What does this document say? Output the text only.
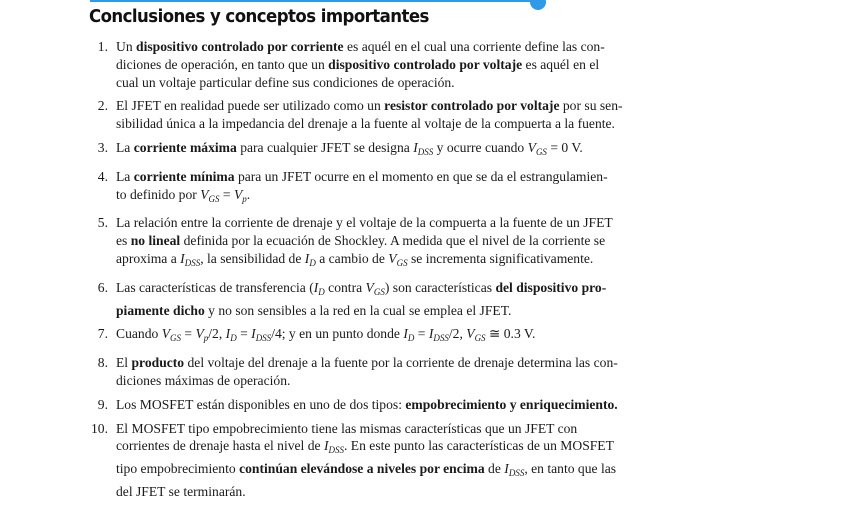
Conclusiones y conceptos importantes
1. Un dispositivo controlado por corriente es aquél en el cual una corriente define las con-
diciones de operación, en tanto que un dispositivo controlado por voltaje es aquél en el
cual un voltaje particular define sus condiciones de operación.
2. El JFET en realidad puede ser utilizado como un resistor controlado por voltaje por su sen-
sibilidad única a la impedancia del drenaje a la fuente al voltaje de la compuerta a la fuente.
3. La corriente máxima para cualquier JFET se designa $I_{DSS}$ y ocurre cuando $V_{GS} = 0$ V.
4. La corriente mínima para un JFET ocurre en el momento en que se da el estrangulamien-
to definido por $V_{GS} = V_p$.
5. La relación entre la corriente de drenaje y el voltaje de la compuerta a la fuente de un JFET
es no lineal definida por la ecuación de Shockley. A medida que el nivel de la corriente se
aproxima a $I_{DSS}$, la sensibilidad de $I_D$ a cambio de $V_{GS}$ se incrementa significativamente.
6. Las características de transferencia ($I_D$ contra $V_{GS}$) son características del dispositivo pro-
piamente dicho y no son sensibles a la red en la cual se emplea el JFET.
7. Cuando $V_{GS} = V_p/2$, $I_D = I_{DSS}/4$; y en un punto donde $I_D = I_{DSS}/2$, $V_{GS}$ ≅ 0.3 V.
8. El producto del voltaje del drenaje a la fuente por la corriente de drenaje determina las con-
diciones máximas de operación.
9. Los MOSFET están disponibles en uno de dos tipos: empobrecimiento y enriquecimiento.
10. El MOSFET tipo empobrecimiento tiene las mismas características que un JFET con
corrientes de drenaje hasta el nivel de $I_{DSS}$. En este punto las características de un MOSFET
tipo empobrecimiento continúan elevándose a niveles por encima de $I_{DSS}$, en tanto que las
del JFET se terminarán.
